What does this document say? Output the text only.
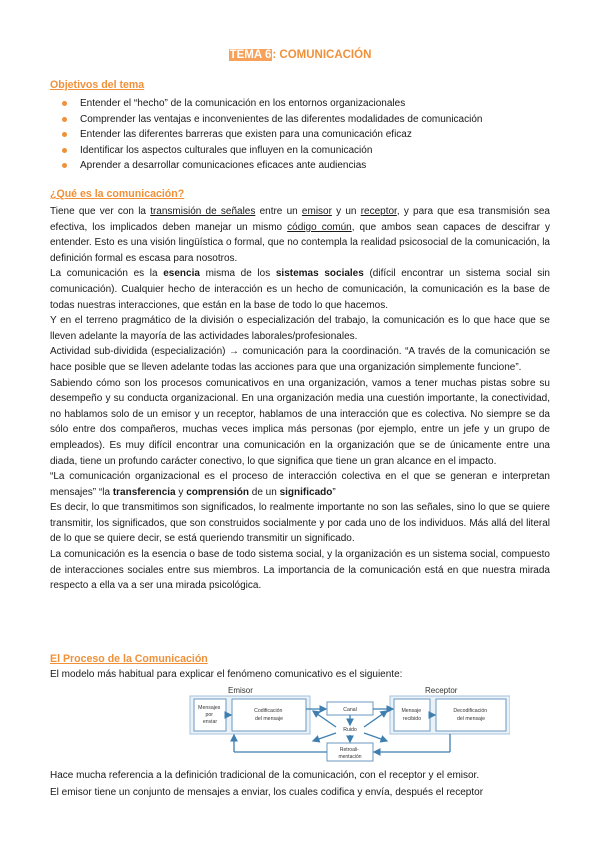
TEMA 6: COMUNICACIÓN
Objetivos del tema
Entender el “hecho” de la comunicación en los entornos organizacionales
Comprender las ventajas e inconvenientes de las diferentes modalidades de comunicación
Entender las diferentes barreras que existen para una comunicación eficaz
Identificar los aspectos culturales que influyen en la comunicación
Aprender a desarrollar comunicaciones eficaces ante audiencias
¿Qué es la comunicación?

Tiene que ver con la transmisión de señales entre un emisor y un receptor, y para que esa transmisión sea efectiva, los implicados deben manejar un mismo código común, que ambos sean capaces de descifrar y entender. Esto es una visión lingüística o formal, que no contempla la realidad psicosocial de la comunicación, la definición formal es escasa para nosotros.

La comunicación es la esencia misma de los sistemas sociales (difícil encontrar un sistema social sin comunicación). Cualquier hecho de interacción es un hecho de comunicación, la comunicación es la base de todas nuestras interacciones, que están en la base de todo lo que hacemos.

Y en el terreno pragmático de la división o especialización del trabajo, la comunicación es lo que hace que se lleven adelante la mayoría de las actividades laborales/profesionales.

Actividad sub-dividida (especialización) → comunicación para la coordinación. “A través de la comunicación se hace posible que se lleven adelante todas las acciones para que una organización simplemente funcione”.

Sabiendo cómo son los procesos comunicativos en una organización, vamos a tener muchas pistas sobre su desempeño y su conducta organizacional. En una organización media una cuestión importante, la conectividad, no hablamos solo de un emisor y un receptor, hablamos de una interacción que es colectiva. No siempre se da sólo entre dos compañeros, muchas veces implica más personas (por ejemplo, entre un jefe y un grupo de empleados). Es muy difícil encontrar una comunicación en la organización que se de únicamente entre una diada, tiene un profundo carácter conectivo, lo que significa que tiene un gran alcance en el impacto.

“La comunicación organizacional es el proceso de interacción colectiva en el que se generan e interpretan mensajes” “la transferencia y comprensión de un significado”

Es decir, lo que transmitimos son significados, lo realmente importante no son las señales, sino lo que se quiere transmitir, los significados, que son construidos socialmente y por cada uno de los individuos. Más allá del literal de lo que se quiere decir, se está queriendo transmitir un significado.

La comunicación es la esencia o base de todo sistema social, y la organización es un sistema social, compuesto de interacciones sociales entre sus miembros. La importancia de la comunicación está en que nuestra mirada respecto a ella va a ser una mirada psicológica.

El Proceso de la Comunicación
El modelo más habitual para explicar el fenómeno comunicativo es el siguiente:
Emisor	Receptor
Mensajes por enviar
Codificación del mensaje
Canal
Ruido
Retroali- mentación
Mensaje recibido
Decodificación del mensaje

Hace mucha referencia a la definición tradicional de la comunicación, con el receptor y el emisor.

El emisor tiene un conjunto de mensajes a enviar, los cuales codifica y envía, después el receptor
